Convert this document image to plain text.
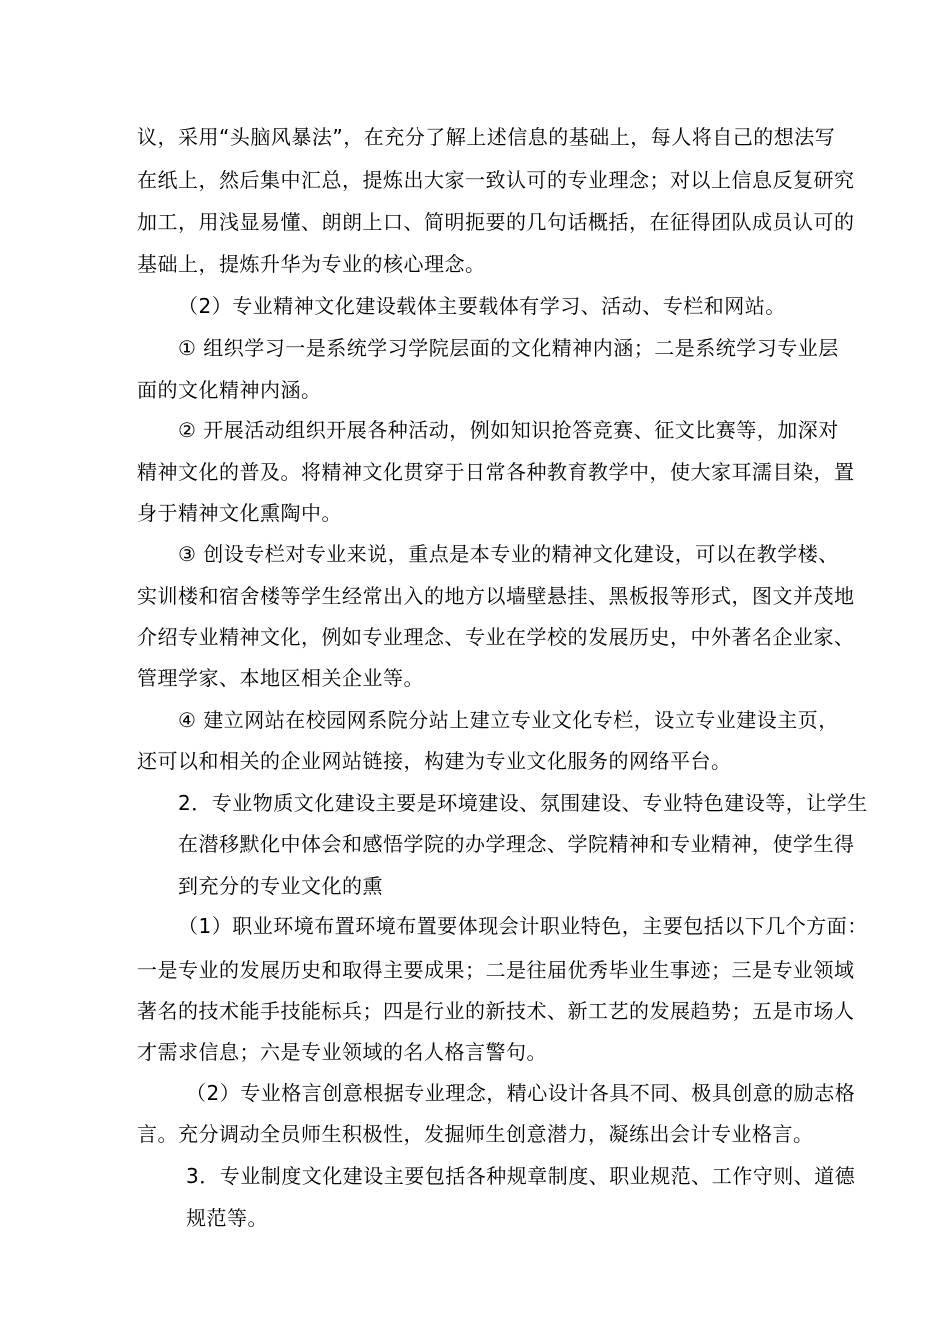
议，采用“头脑风暴法”，在充分了解上述信息的基础上，每人将自己的想法写
在纸上，然后集中汇总，提炼出大家一致认可的专业理念；对以上信息反复研究
加工，用浅显易懂、朗朗上口、简明扼要的几句话概括，在征得团队成员认可的
基础上，提炼升华为专业的核心理念。
（2）专业精神文化建设载体主要载体有学习、活动、专栏和网站。
① 组织学习一是系统学习学院层面的文化精神内涵；二是系统学习专业层
面的文化精神内涵。
② 开展活动组织开展各种活动，例如知识抢答竞赛、征文比赛等，加深对
精神文化的普及。将精神文化贯穿于日常各种教育教学中，使大家耳濡目染，置
身于精神文化熏陶中。
③ 创设专栏对专业来说，重点是本专业的精神文化建设，可以在教学楼、
实训楼和宿舍楼等学生经常出入的地方以墙壁悬挂、黑板报等形式，图文并茂地
介绍专业精神文化，例如专业理念、专业在学校的发展历史，中外著名企业家、
管理学家、本地区相关企业等。
④ 建立网站在校园网系院分站上建立专业文化专栏，设立专业建设主页，
还可以和相关的企业网站链接，构建为专业文化服务的网络平台。
2．专业物质文化建设主要是环境建设、氛围建设、专业特色建设等，让学生
在潜移默化中体会和感悟学院的办学理念、学院精神和专业精神，使学生得
到充分的专业文化的熏
（1）职业环境布置环境布置要体现会计职业特色，主要包括以下几个方面：
一是专业的发展历史和取得主要成果；二是往届优秀毕业生事迹；三是专业领域
著名的技术能手技能标兵；四是行业的新技术、新工艺的发展趋势；五是市场人
才需求信息；六是专业领域的名人格言警句。
（2）专业格言创意根据专业理念，精心设计各具不同、极具创意的励志格
言。充分调动全员师生积极性，发掘师生创意潜力，凝练出会计专业格言。
3．专业制度文化建设主要包括各种规章制度、职业规范、工作守则、道德
规范等。
